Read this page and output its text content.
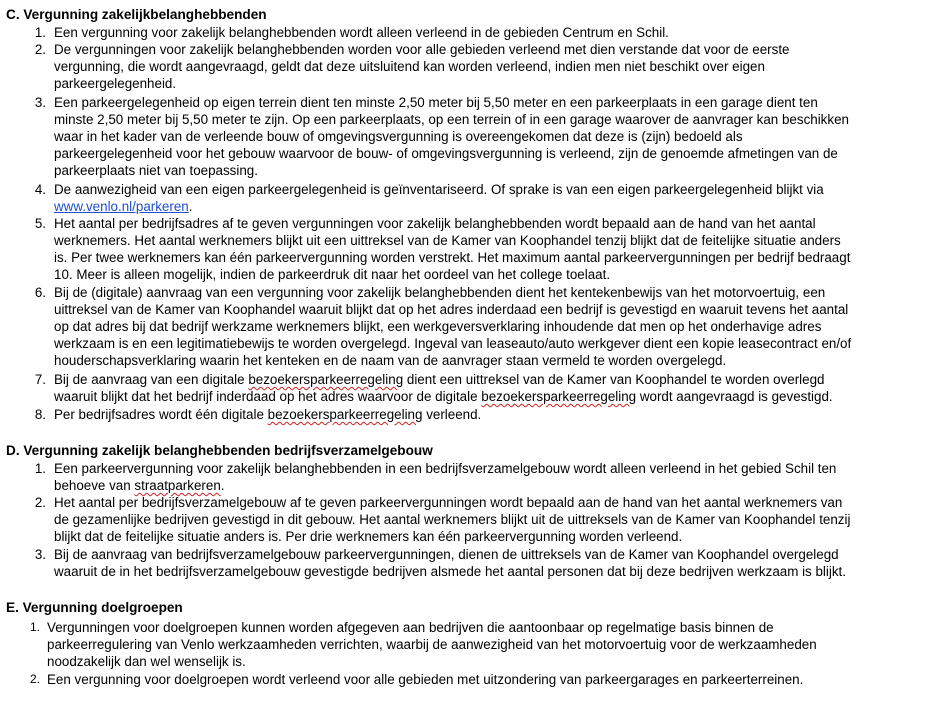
C. Vergunning zakelijkbelanghebbenden
1. Een vergunning voor zakelijk belanghebbenden wordt alleen verleend in de gebieden Centrum en Schil.
2. De vergunningen voor zakelijk belanghebbenden worden voor alle gebieden verleend met dien verstande dat voor de eerste
vergunning, die wordt aangevraagd, geldt dat deze uitsluitend kan worden verleend, indien men niet beschikt over eigen
parkeergelegenheid.
3. Een parkeergelegenheid op eigen terrein dient ten minste 2,50 meter bij 5,50 meter en een parkeerplaats in een garage dient ten
minste 2,50 meter bij 5,50 meter te zijn. Op een parkeerplaats, op een terrein of in een garage waarover de aanvrager kan beschikken
waar in het kader van de verleende bouw of omgevingsvergunning is overeengekomen dat deze is (zijn) bedoeld als
parkeergelegenheid voor het gebouw waarvoor de bouw- of omgevingsvergunning is verleend, zijn de genoemde afmetingen van de
parkeerplaats niet van toepassing.
4. De aanwezigheid van een eigen parkeergelegenheid is geïnventariseerd. Of sprake is van een eigen parkeergelegenheid blijkt via
www.venlo.nl/parkeren.
5. Het aantal per bedrijfsadres af te geven vergunningen voor zakelijk belanghebbenden wordt bepaald aan de hand van het aantal
werknemers. Het aantal werknemers blijkt uit een uittreksel van de Kamer van Koophandel tenzij blijkt dat de feitelijke situatie anders
is. Per twee werknemers kan één parkeervergunning worden verstrekt. Het maximum aantal parkeervergunningen per bedrijf bedraagt
10. Meer is alleen mogelijk, indien de parkeerdruk dit naar het oordeel van het college toelaat.
6. Bij de (digitale) aanvraag van een vergunning voor zakelijk belanghebbenden dient het kentekenbewijs van het motorvoertuig, een
uittreksel van de Kamer van Koophandel waaruit blijkt dat op het adres inderdaad een bedrijf is gevestigd en waaruit tevens het aantal
op dat adres bij dat bedrijf werkzame werknemers blijkt, een werkgeversverklaring inhoudende dat men op het onderhavige adres
werkzaam is en een legitimatiebewijs te worden overgelegd. Ingeval van leaseauto/auto werkgever dient een kopie leasecontract en/of
houderschapsverklaring waarin het kenteken en de naam van de aanvrager staan vermeld te worden overgelegd.
7. Bij de aanvraag van een digitale bezoekersparkeerregeling dient een uittreksel van de Kamer van Koophandel te worden overlegd
waaruit blijkt dat het bedrijf inderdaad op het adres waarvoor de digitale bezoekersparkeerregeling wordt aangevraagd is gevestigd.
8. Per bedrijfsadres wordt één digitale bezoekersparkeerregeling verleend.
D. Vergunning zakelijk belanghebbenden bedrijfsverzamelgebouw
1. Een parkeervergunning voor zakelijk belanghebbenden in een bedrijfsverzamelgebouw wordt alleen verleend in het gebied Schil ten
behoeve van straatparkeren.
2. Het aantal per bedrijfsverzamelgebouw af te geven parkeervergunningen wordt bepaald aan de hand van het aantal werknemers van
de gezamenlijke bedrijven gevestigd in dit gebouw. Het aantal werknemers blijkt uit de uittreksels van de Kamer van Koophandel tenzij
blijkt dat de feitelijke situatie anders is. Per drie werknemers kan één parkeervergunning worden verleend.
3. Bij de aanvraag van bedrijfsverzamelgebouw parkeervergunningen, dienen de uittreksels van de Kamer van Koophandel overgelegd
waaruit de in het bedrijfsverzamelgebouw gevestigde bedrijven alsmede het aantal personen dat bij deze bedrijven werkzaam is blijkt.
E. Vergunning doelgroepen
1. Vergunningen voor doelgroepen kunnen worden afgegeven aan bedrijven die aantoonbaar op regelmatige basis binnen de
parkeerregulering van Venlo werkzaamheden verrichten, waarbij de aanwezigheid van het motorvoertuig voor de werkzaamheden
noodzakelijk dan wel wenselijk is.
2. Een vergunning voor doelgroepen wordt verleend voor alle gebieden met uitzondering van parkeergarages en parkeerterreinen.
